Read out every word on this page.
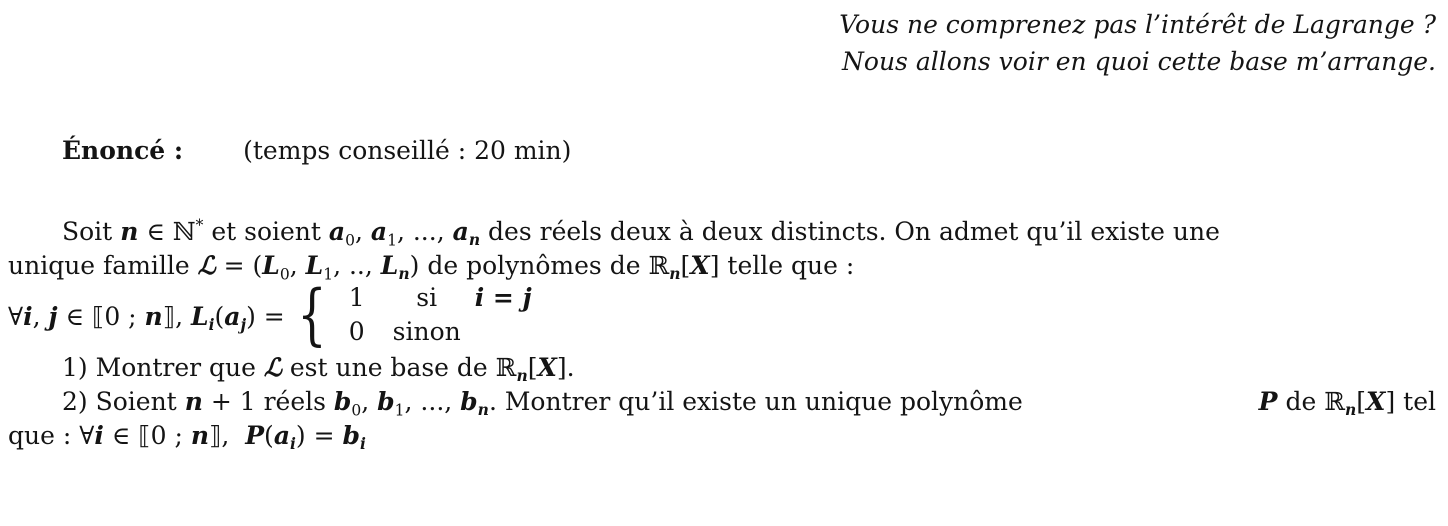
Vous ne comprenez pas l’intérêt de Lagrange ?
Nous allons voir en quoi cette base m’arrange.
Énoncé : (temps conseillé : 20 min)
Soit n ∈ ℕ* et soient $a_0$, $a_1$, ..., $a_n$ des réels deux à deux distincts. On admet qu’il existe une
unique famille ℒ = ($L_0$, $L_1$, .., $L_n$) de polynômes de ℝ$_n$[X] telle que :
∀i, j ∈ ⟦0 ; n⟧, $L_i(a_j)$ = { 1	si	i = j
0	sinon
1) Montrer que ℒ est une base de ℝ$_n$[X].
2) Soient n + 1 réels $b_0$, $b_1$, ..., $b_n$. Montrer qu’il existe un unique polynôme	P de ℝ$_n$[X] tel
que : ∀i ∈ ⟦0 ; n⟧,  $P(a_i) = b_i$
